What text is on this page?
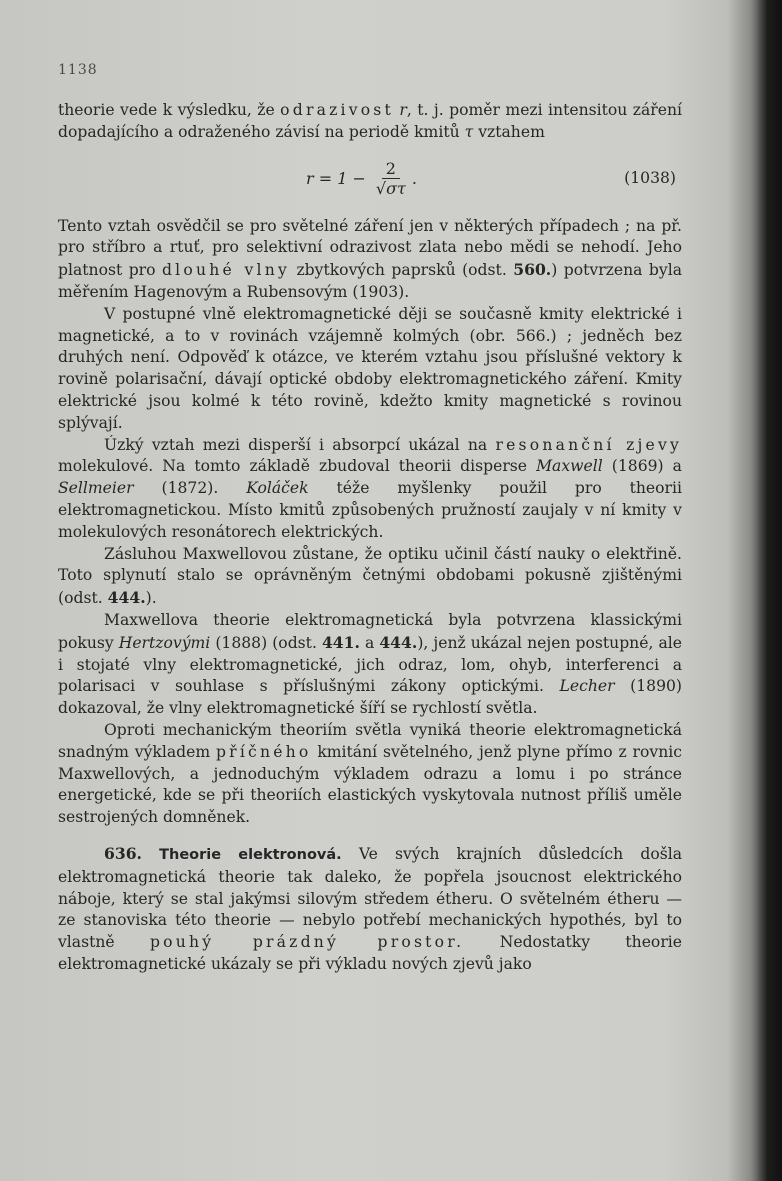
1138

theorie vede k výsledku, že odrazivost r, t. j. poměr mezi intensitou záření dopadajícího a odraženého závisí na periodě kmitů τ vztahem

$r = 1 - \frac{2}{√\sigma\tau}$ .	(1038)

Tento vztah osvědčil se pro světelné záření jen v některých případech ; na př. pro stříbro a rtuť, pro selektivní odrazivost zlata nebo mědi se nehodí. Jeho platnost pro dlouhé vlny zbytkových paprsků (odst. 560.) potvrzena byla měřením Hagenovým a Rubensovým (1903).

V postupné vlně elektromagnetické ději se současně kmity elektrické i magnetické, a to v rovinách vzájemně kolmých (obr. 566.) ; jedněch bez druhých není. Odpověď k otázce, ve kterém vztahu jsou příslušné vektory k rovině polarisační, dávají optické obdoby elektromagnetického záření. Kmity elektrické jsou kolmé k této rovině, kdežto kmity magnetické s rovinou splývají.

Úzký vztah mezi disperší i absorpcí ukázal na resonanční zjevy molekulové. Na tomto základě zbudoval theorii disperse Maxwell (1869) a Sellmeier (1872). Koláček téže myšlenky použil pro theorii elektromagnetickou. Místo kmitů způsobených pružností zaujaly v ní kmity v molekulových resonátorech elektrických.

Zásluhou Maxwellovou zůstane, že optiku učinil částí nauky o elektřině. Toto splynutí stalo se oprávněným četnými obdobami pokusně zjištěnými (odst. 444.).

Maxwellova theorie elektromagnetická byla potvrzena klassickými pokusy Hertzovými (1888) (odst. 441. a 444.), jenž ukázal nejen postupné, ale i stojaté vlny elektromagnetické, jich odraz, lom, ohyb, interferenci a polarisaci v souhlase s příslušnými zákony optickými. Lecher (1890) dokazoval, že vlny elektromagnetické šíří se rychlostí světla.

Oproti mechanickým theoriím světla vyniká theorie elektromagnetická snadným výkladem příčného kmitání světelného, jenž plyne přímo z rovnic Maxwellových, a jednoduchým výkladem odrazu a lomu i po stránce energetické, kde se při theoriích elastických vyskytovala nutnost příliš uměle sestrojených domněnek.

636. Theorie elektronová. Ve svých krajních důsledcích došla elektromagnetická theorie tak daleko, že popřela jsoucnost elektrického náboje, který se stal jakýmsi silovým středem étheru. O světelném étheru — ze stanoviska této theorie — nebylo potřebí mechanických hypothés, byl to vlastně pouhý prázdný prostor. Nedostatky theorie elektromagnetické ukázaly se při výkladu nových zjevů jako
